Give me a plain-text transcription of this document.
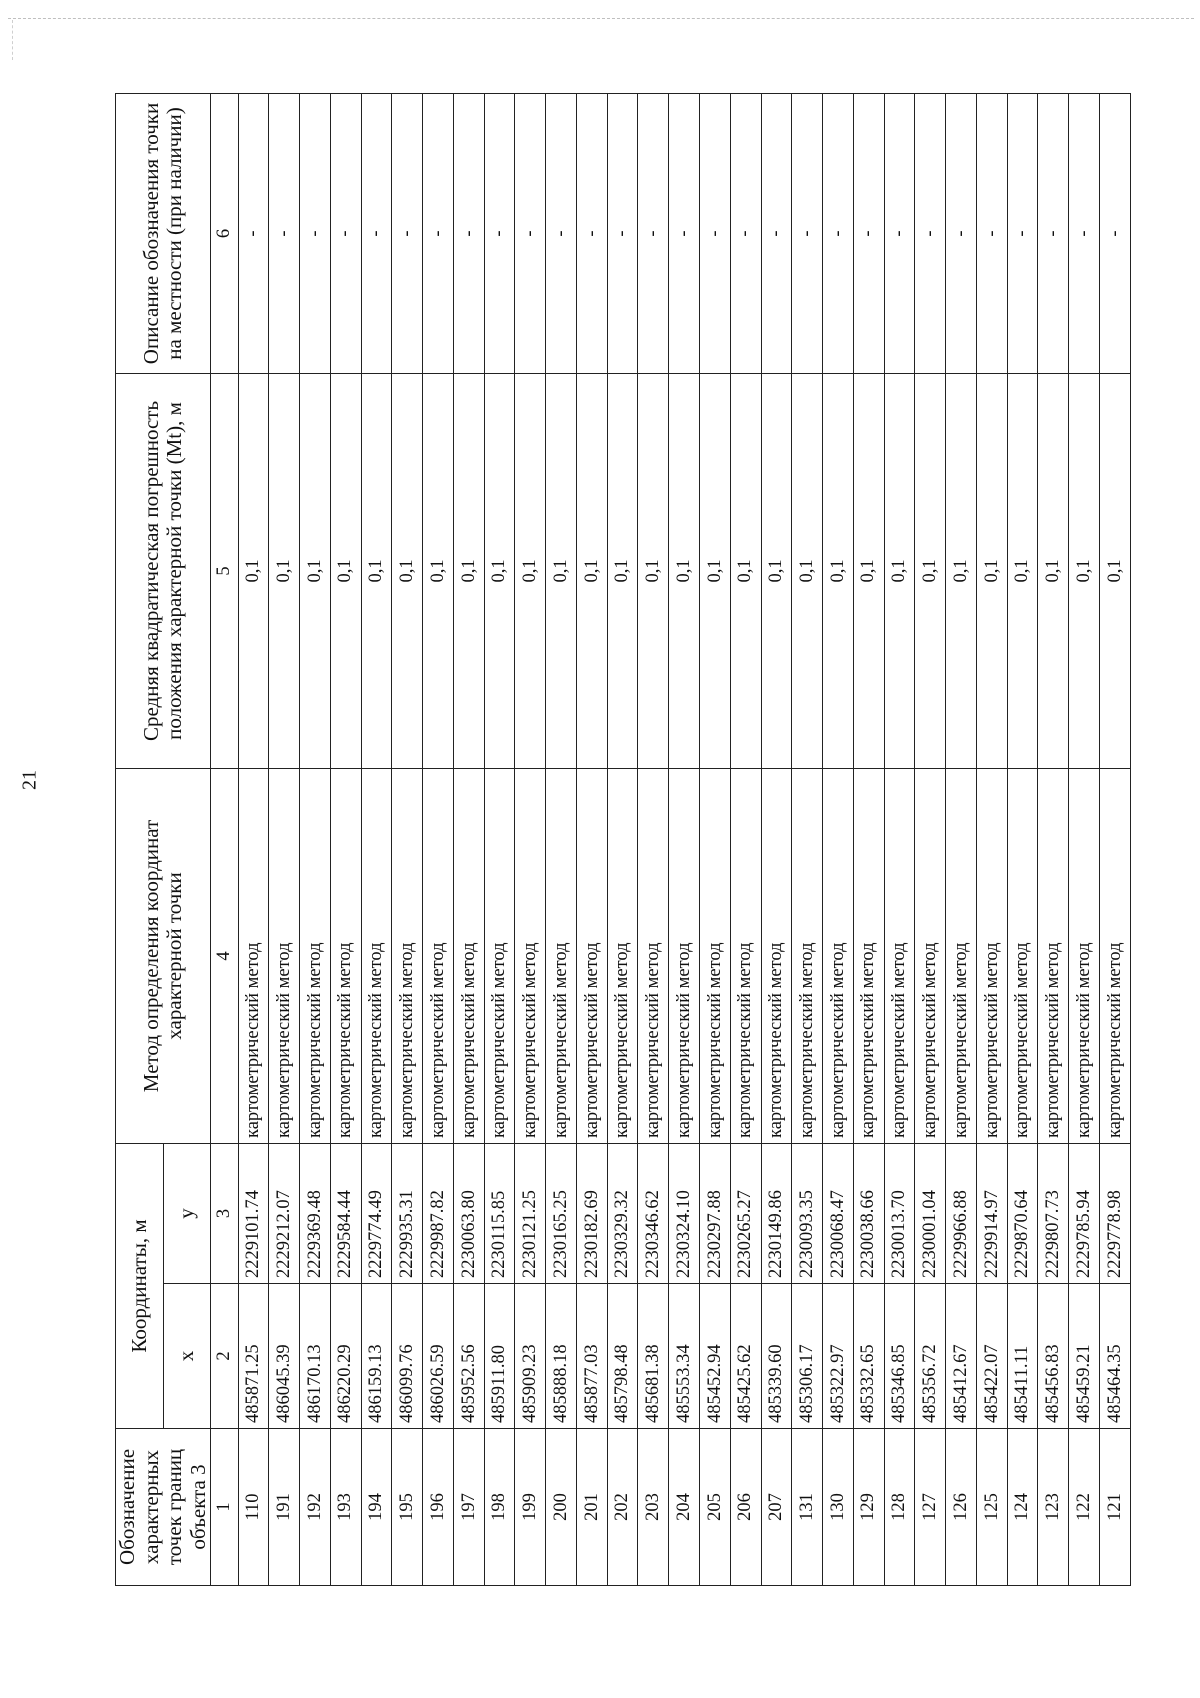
21
Обозначение характерных точек границ объекта 3	Координаты, м		Метод определения координат характерной точки	Средняя квадратическая погрешность положения характерной точки (Mt), м	Описание обозначения точки на местности (при наличии)
	x	y			
1	2	3	4	5	6
110	485871.25	2229101.74	картометрический метод	0,1	-
191	486045.39	2229212.07	картометрический метод	0,1	-
192	486170.13	2229369.48	картометрический метод	0,1	-
193	486220.29	2229584.44	картометрический метод	0,1	-
194	486159.13	2229774.49	картометрический метод	0,1	-
195	486099.76	2229935.31	картометрический метод	0,1	-
196	486026.59	2229987.82	картометрический метод	0,1	-
197	485952.56	2230063.80	картометрический метод	0,1	-
198	485911.80	2230115.85	картометрический метод	0,1	-
199	485909.23	2230121.25	картометрический метод	0,1	-
200	485888.18	2230165.25	картометрический метод	0,1	-
201	485877.03	2230182.69	картометрический метод	0,1	-
202	485798.48	2230329.32	картометрический метод	0,1	-
203	485681.38	2230346.62	картометрический метод	0,1	-
204	485553.34	2230324.10	картометрический метод	0,1	-
205	485452.94	2230297.88	картометрический метод	0,1	-
206	485425.62	2230265.27	картометрический метод	0,1	-
207	485339.60	2230149.86	картометрический метод	0,1	-
131	485306.17	2230093.35	картометрический метод	0,1	-
130	485322.97	2230068.47	картометрический метод	0,1	-
129	485332.65	2230038.66	картометрический метод	0,1	-
128	485346.85	2230013.70	картометрический метод	0,1	-
127	485356.72	2230001.04	картометрический метод	0,1	-
126	485412.67	2229966.88	картометрический метод	0,1	-
125	485422.07	2229914.97	картометрический метод	0,1	-
124	485411.11	2229870.64	картометрический метод	0,1	-
123	485456.83	2229807.73	картометрический метод	0,1	-
122	485459.21	2229785.94	картометрический метод	0,1	-
121	485464.35	2229778.98	картометрический метод	0,1	-
